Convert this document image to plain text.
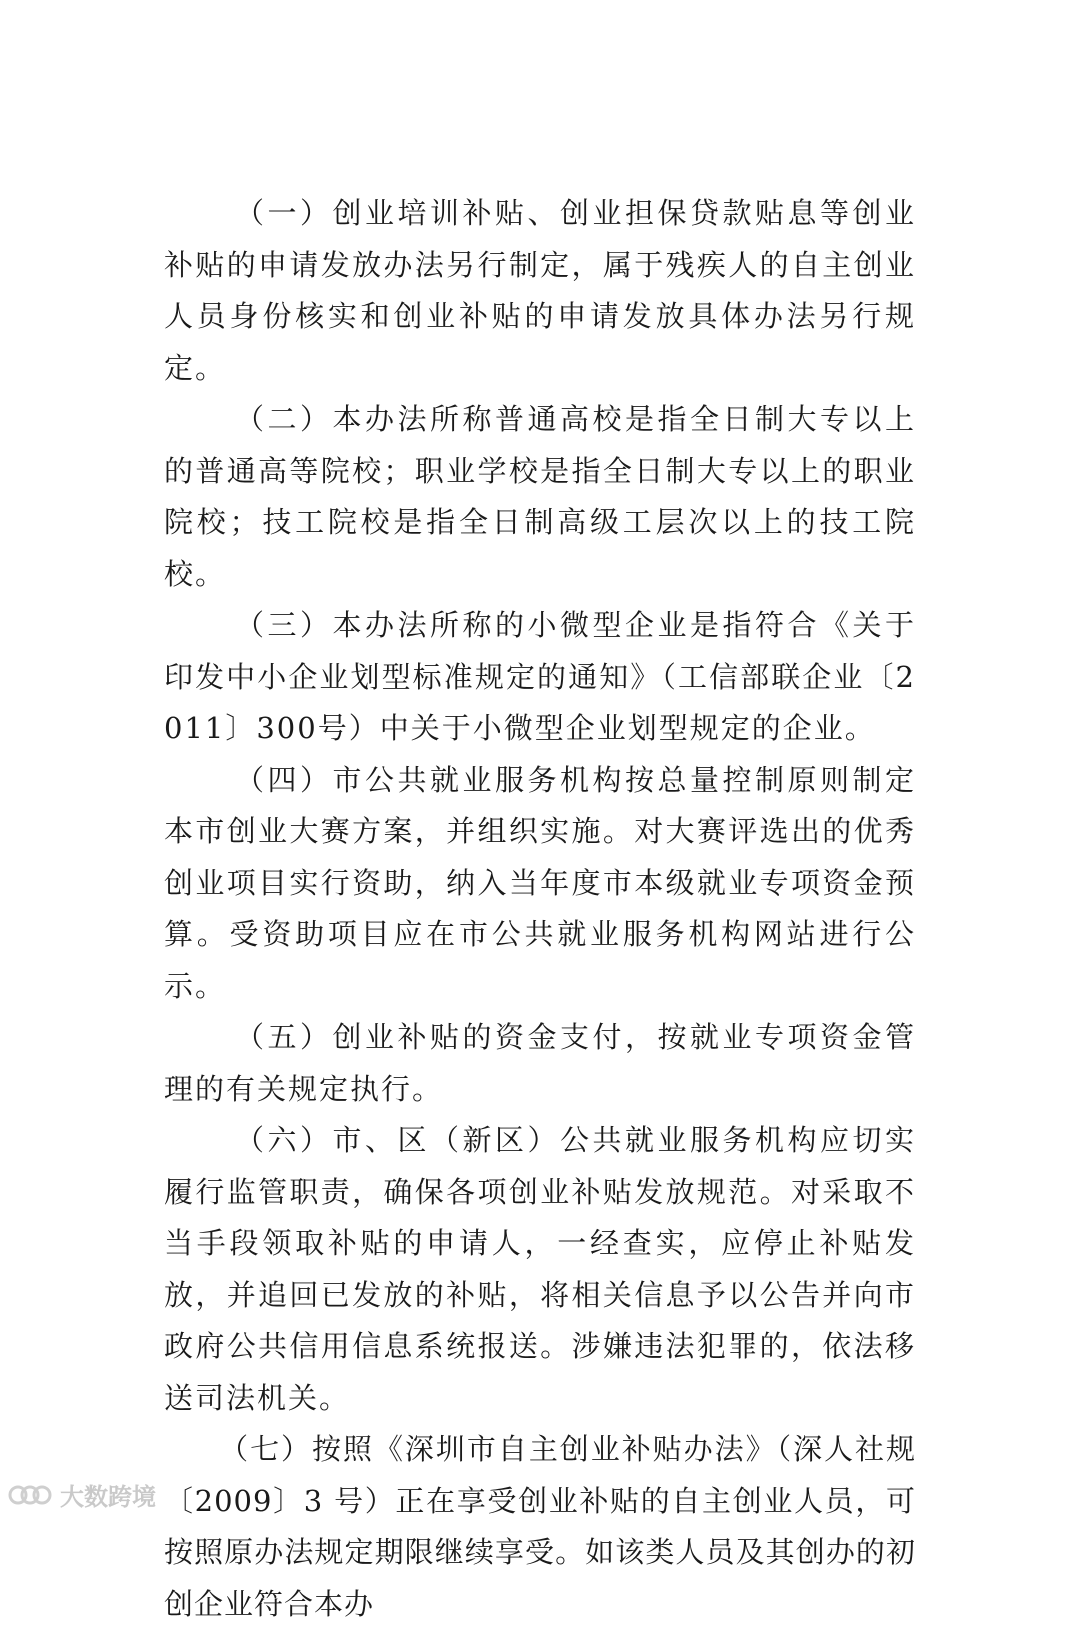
（一）创业培训补贴、创业担保贷款贴息等创业补贴的申请发放办法另行制定，属于残疾人的自主创业人员身份核实和创业补贴的申请发放具体办法另行规定。

（二）本办法所称普通高校是指全日制大专以上的普通高等院校；职业学校是指全日制大专以上的职业院校；技工院校是指全日制高级工层次以上的技工院校。

（三）本办法所称的小微型企业是指符合《关于印发中小企业划型标准规定的通知》（工信部联企业〔2011〕300号）中关于小微型企业划型规定的企业。

（四）市公共就业服务机构按总量控制原则制定本市创业大赛方案，并组织实施。对大赛评选出的优秀创业项目实行资助，纳入当年度市本级就业专项资金预算。受资助项目应在市公共就业服务机构网站进行公示。

（五）创业补贴的资金支付，按就业专项资金管理的有关规定执行。

（六）市、区（新区）公共就业服务机构应切实履行监管职责，确保各项创业补贴发放规范。对采取不当手段领取补贴的申请人，一经查实，应停止补贴发放，并追回已发放的补贴，将相关信息予以公告并向市政府公共信用信息系统报送。涉嫌违法犯罪的，依法移送司法机关。

（七）按照《深圳市自主创业补贴办法》（深人社规〔2009〕3 号）正在享受创业补贴的自主创业人员，可按照原办法规定期限继续享受。如该类人员及其创办的初创企业符合本办

大数跨境
